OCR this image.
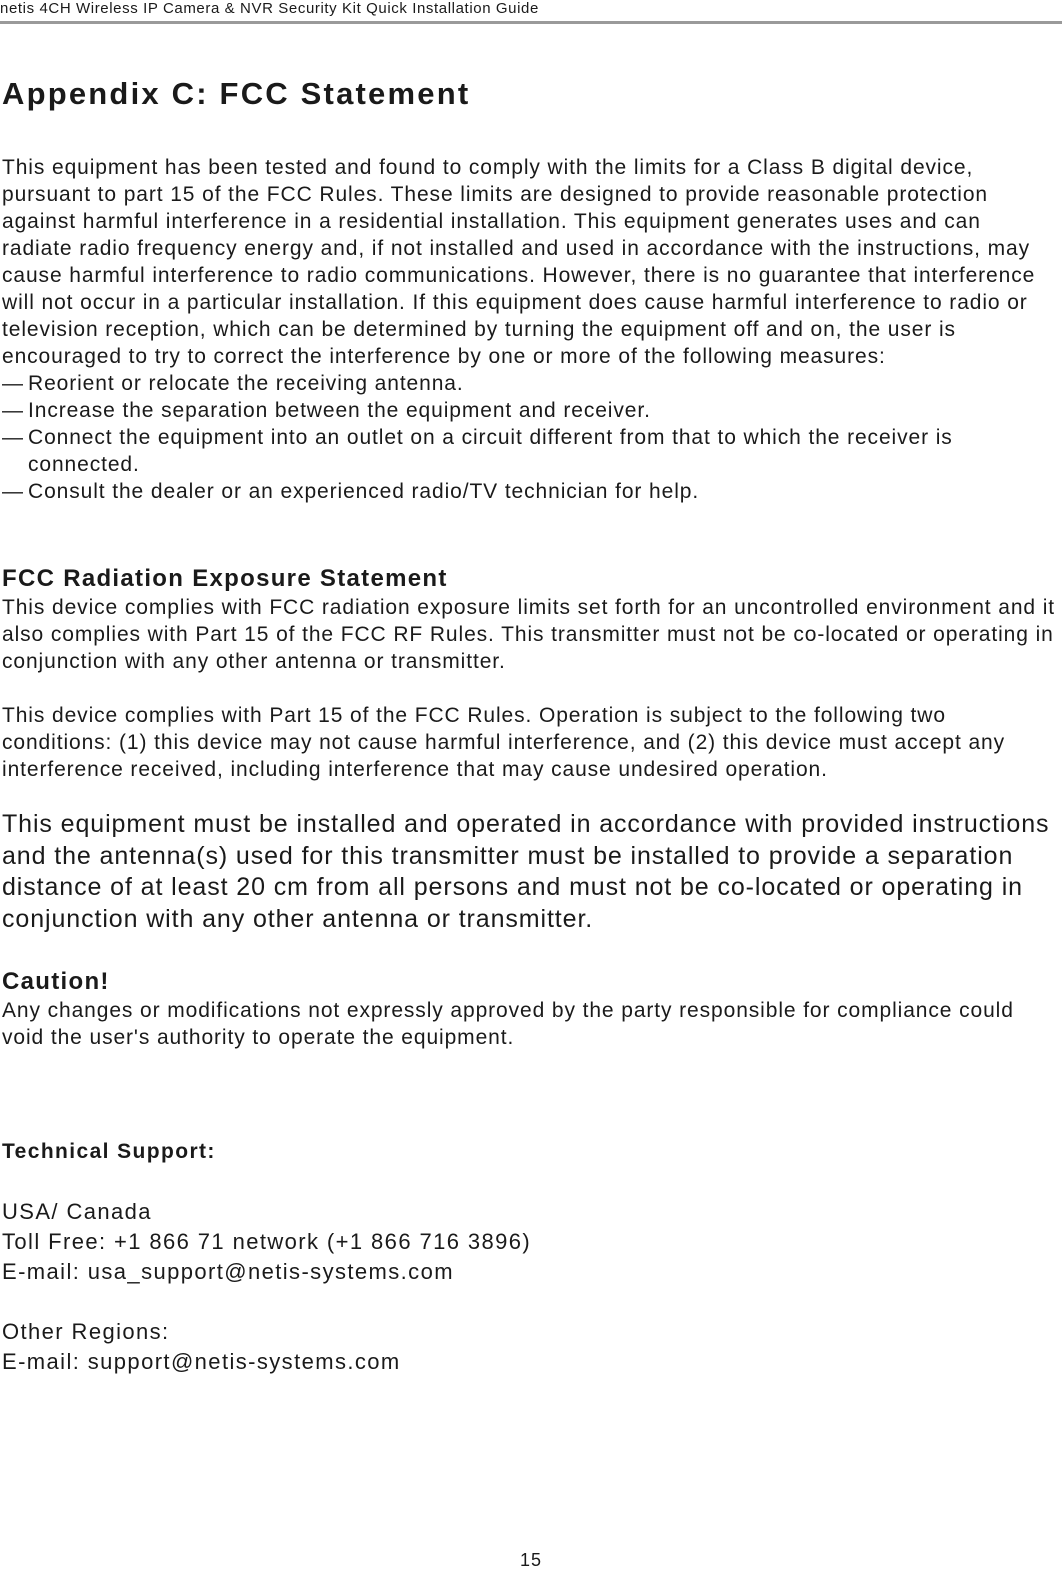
netis 4CH Wireless IP Camera & NVR Security Kit Quick Installation Guide
Appendix C: FCC Statement

This equipment has been tested and found to comply with the limits for a Class B digital device, pursuant to part 15 of the FCC Rules. These limits are designed to provide reasonable protection against harmful interference in a residential installation. This equipment generates uses and can radiate radio frequency energy and, if not installed and used in accordance with the instructions, may cause harmful interference to radio communications. However, there is no guarantee that interference will not occur in a particular installation. If this equipment does cause harmful interference to radio or television reception, which can be determined by turning the equipment off and on, the user is encouraged to try to correct the interference by one or more of the following measures:

— Reorient or relocate the receiving antenna.
— Increase the separation between the equipment and receiver.
— Connect the equipment into an outlet on a circuit different from that to which the receiver is connected.
— Consult the dealer or an experienced radio/TV technician for help.
FCC Radiation Exposure Statement

This device complies with FCC radiation exposure limits set forth for an uncontrolled environment and it also complies with Part 15 of the FCC RF Rules. This transmitter must not be co-located or operating in conjunction with any other antenna or transmitter.

This device complies with Part 15 of the FCC Rules. Operation is subject to the following two conditions: (1) this device may not cause harmful interference, and (2) this device must accept any interference received, including interference that may cause undesired operation.

This equipment must be installed and operated in accordance with provided instructions and the antenna(s) used for this transmitter must be installed to provide a separation distance of at least 20 cm from all persons and must not be co-located or operating in conjunction with any other antenna or transmitter.

Caution!

Any changes or modifications not expressly approved by the party responsible for compliance could void the user's authority to operate the equipment.

Technical Support:

USA/ Canada

Toll Free: +1 866 71 network (+1 866 716 3896)

E-mail: usa_support@netis-systems.com

Other Regions:

E-mail: support@netis-systems.com

15
